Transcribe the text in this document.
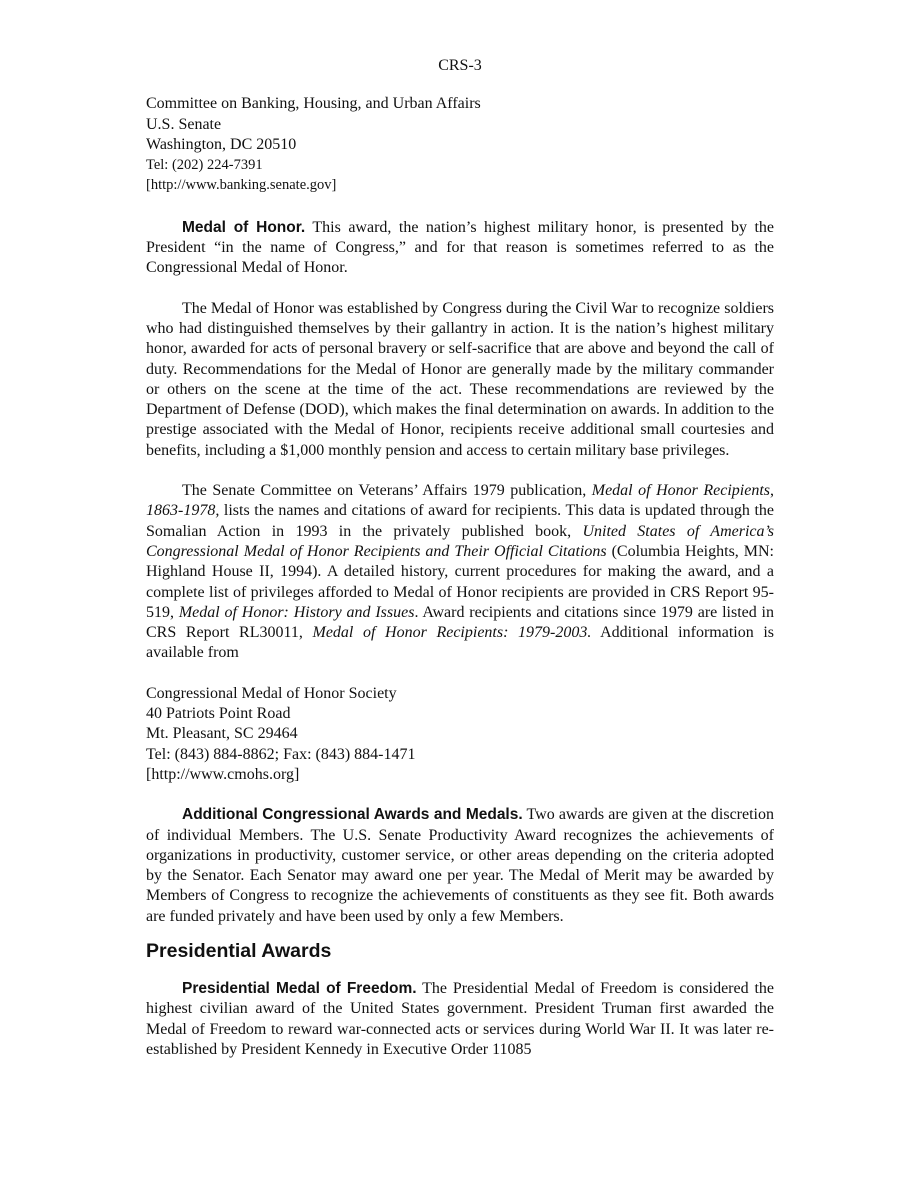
CRS-3
Committee on Banking, Housing, and Urban Affairs
U.S. Senate
Washington, DC 20510
Tel: (202) 224-7391
[http://www.banking.senate.gov]

Medal of Honor. This award, the nation’s highest military honor, is presented by the President “in the name of Congress,” and for that reason is sometimes referred to as the Congressional Medal of Honor.

The Medal of Honor was established by Congress during the Civil War to recognize soldiers who had distinguished themselves by their gallantry in action. It is the nation’s highest military honor, awarded for acts of personal bravery or self-sacrifice that are above and beyond the call of duty. Recommendations for the Medal of Honor are generally made by the military commander or others on the scene at the time of the act. These recommendations are reviewed by the Department of Defense (DOD), which makes the final determination on awards. In addition to the prestige associated with the Medal of Honor, recipients receive additional small courtesies and benefits, including a $1,000 monthly pension and access to certain military base privileges.

The Senate Committee on Veterans’ Affairs 1979 publication, Medal of Honor Recipients, 1863-1978, lists the names and citations of award for recipients. This data is updated through the Somalian Action in 1993 in the privately published book, United States of America’s Congressional Medal of Honor Recipients and Their Official Citations (Columbia Heights, MN: Highland House II, 1994). A detailed history, current procedures for making the award, and a complete list of privileges afforded to Medal of Honor recipients are provided in CRS Report 95-519, Medal of Honor: History and Issues. Award recipients and citations since 1979 are listed in CRS Report RL30011, Medal of Honor Recipients: 1979-2003. Additional information is available from

Congressional Medal of Honor Society
40 Patriots Point Road
Mt. Pleasant, SC 29464
Tel: (843) 884-8862; Fax: (843) 884-1471
[http://www.cmohs.org]

Additional Congressional Awards and Medals. Two awards are given at the discretion of individual Members. The U.S. Senate Productivity Award recognizes the achievements of organizations in productivity, customer service, or other areas depending on the criteria adopted by the Senator. Each Senator may award one per year. The Medal of Merit may be awarded by Members of Congress to recognize the achievements of constituents as they see fit. Both awards are funded privately and have been used by only a few Members.

Presidential Awards

Presidential Medal of Freedom. The Presidential Medal of Freedom is considered the highest civilian award of the United States government. President Truman first awarded the Medal of Freedom to reward war-connected acts or services during World War II. It was later re-established by President Kennedy in Executive Order 11085
